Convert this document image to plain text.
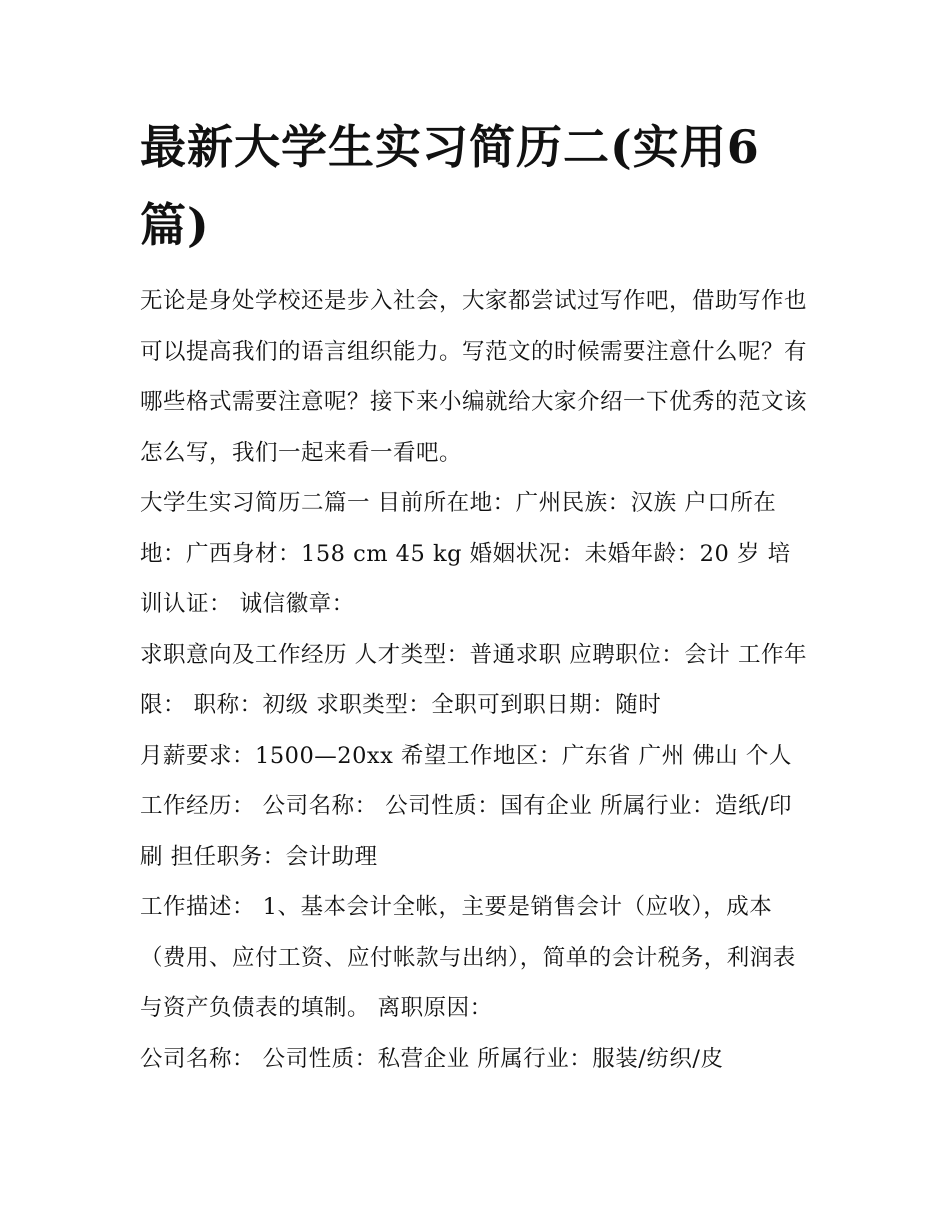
最新大学生实习简历二(实用6篇)

无论是身处学校还是步入社会，大家都尝试过写作吧，借助写作也可以提高我们的语言组织能力。写范文的时候需要注意什么呢？有哪些格式需要注意呢？接下来小编就给大家介绍一下优秀的范文该怎么写，我们一起来看一看吧。

大学生实习简历二篇一 目前所在地：广州民族：汉族 户口所在地：广西身材：158 cm 45 kg 婚姻状况：未婚年龄：20 岁 培训认证： 诚信徽章：

求职意向及工作经历 人才类型：普通求职 应聘职位：会计 工作年限： 职称：初级 求职类型：全职可到职日期：随时

月薪要求：1500—20xx 希望工作地区：广东省 广州 佛山 个人工作经历： 公司名称： 公司性质：国有企业 所属行业：造纸/印刷 担任职务：会计助理

工作描述： 1、基本会计全帐，主要是销售会计（应收），成本（费用、应付工资、应付帐款与出纳），简单的会计税务，利润表与资产负债表的填制。 离职原因：

公司名称： 公司性质：私营企业 所属行业：服装/纺织/皮
